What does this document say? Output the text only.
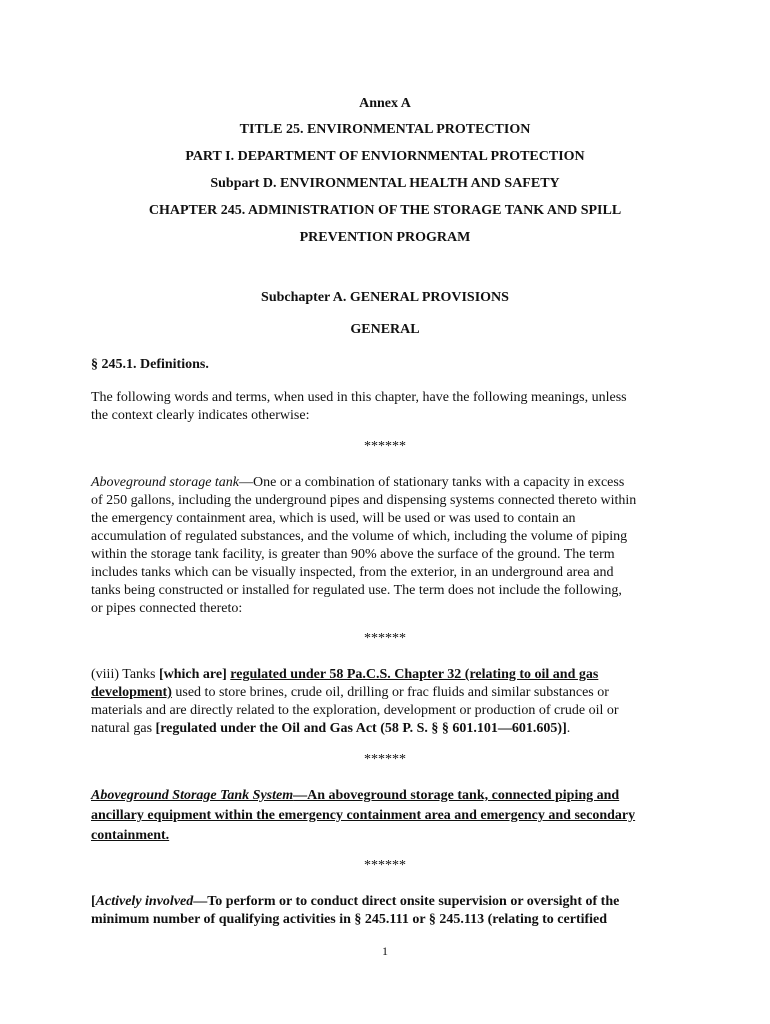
Annex A
TITLE 25. ENVIRONMENTAL PROTECTION
PART I. DEPARTMENT OF ENVIORNMENTAL PROTECTION
Subpart D. ENVIRONMENTAL HEALTH AND SAFETY
CHAPTER 245. ADMINISTRATION OF THE STORAGE TANK AND SPILL
PREVENTION PROGRAM
Subchapter A. GENERAL PROVISIONS
GENERAL
§ 245.1. Definitions.
The following words and terms, when used in this chapter, have the following meanings, unless
the context clearly indicates otherwise:
******
Aboveground storage tank—One or a combination of stationary tanks with a capacity in excess
of 250 gallons, including the underground pipes and dispensing systems connected thereto within
the emergency containment area, which is used, will be used or was used to contain an
accumulation of regulated substances, and the volume of which, including the volume of piping
within the storage tank facility, is greater than 90% above the surface of the ground. The term
includes tanks which can be visually inspected, from the exterior, in an underground area and
tanks being constructed or installed for regulated use. The term does not include the following,
or pipes connected thereto:
******
(viii) Tanks [which are] regulated under 58 Pa.C.S. Chapter 32 (relating to oil and gas
development) used to store brines, crude oil, drilling or frac fluids and similar substances or
materials and are directly related to the exploration, development or production of crude oil or
natural gas [regulated under the Oil and Gas Act (58 P. S. § § 601.101—601.605)].
******
Aboveground Storage Tank System—An aboveground storage tank, connected piping and
ancillary equipment within the emergency containment area and emergency and secondary
containment.
******
[Actively involved—To perform or to conduct direct onsite supervision or oversight of the
minimum number of qualifying activities in § 245.111 or § 245.113 (relating to certified
1
